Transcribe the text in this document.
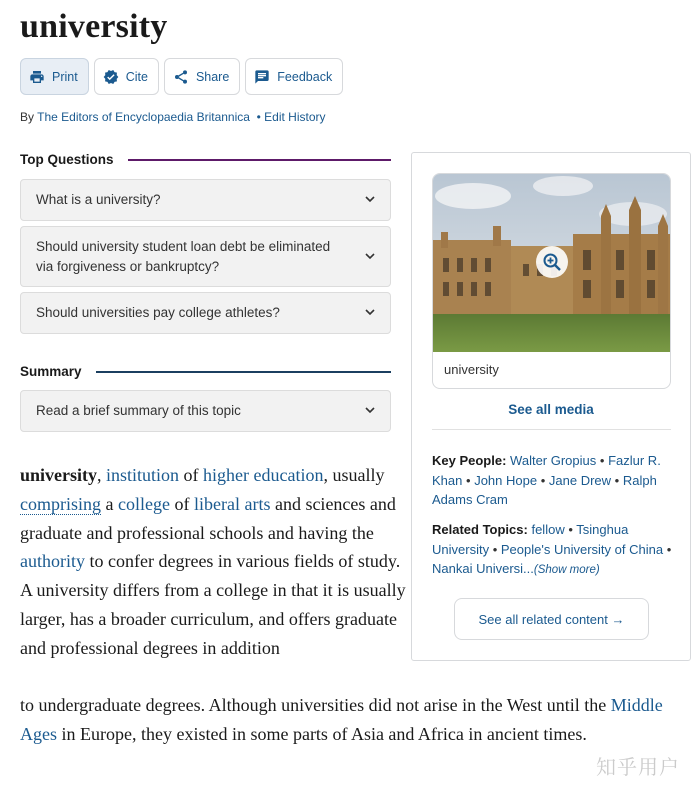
university
Print	Cite	Share	Feedback
By The Editors of Encyclopaedia Britannica • Edit History
Top Questions
What is a university?
Should university student loan debt be eliminated via forgiveness or bankruptcy?
Should universities pay college athletes?
Summary
Read a brief summary of this topic
university, institution of higher education, usually comprising a college of liberal arts and sciences and graduate and professional schools and having the authority to confer degrees in various fields of study. A university differs from a college in that it is usually larger, has a broader curriculum, and offers graduate and professional degrees in addition
to undergraduate degrees. Although universities did not arise in the West until the Middle Ages in Europe, they existed in some parts of Asia and Africa in ancient times.
university
See all media
Key People: Walter Gropius • Fazlur R. Khan • John Hope • Jane Drew • Ralph Adams Cram
Related Topics: fellow • Tsinghua University • People's University of China • Nankai Universi...(Show more)
See all related content →
知乎用户
